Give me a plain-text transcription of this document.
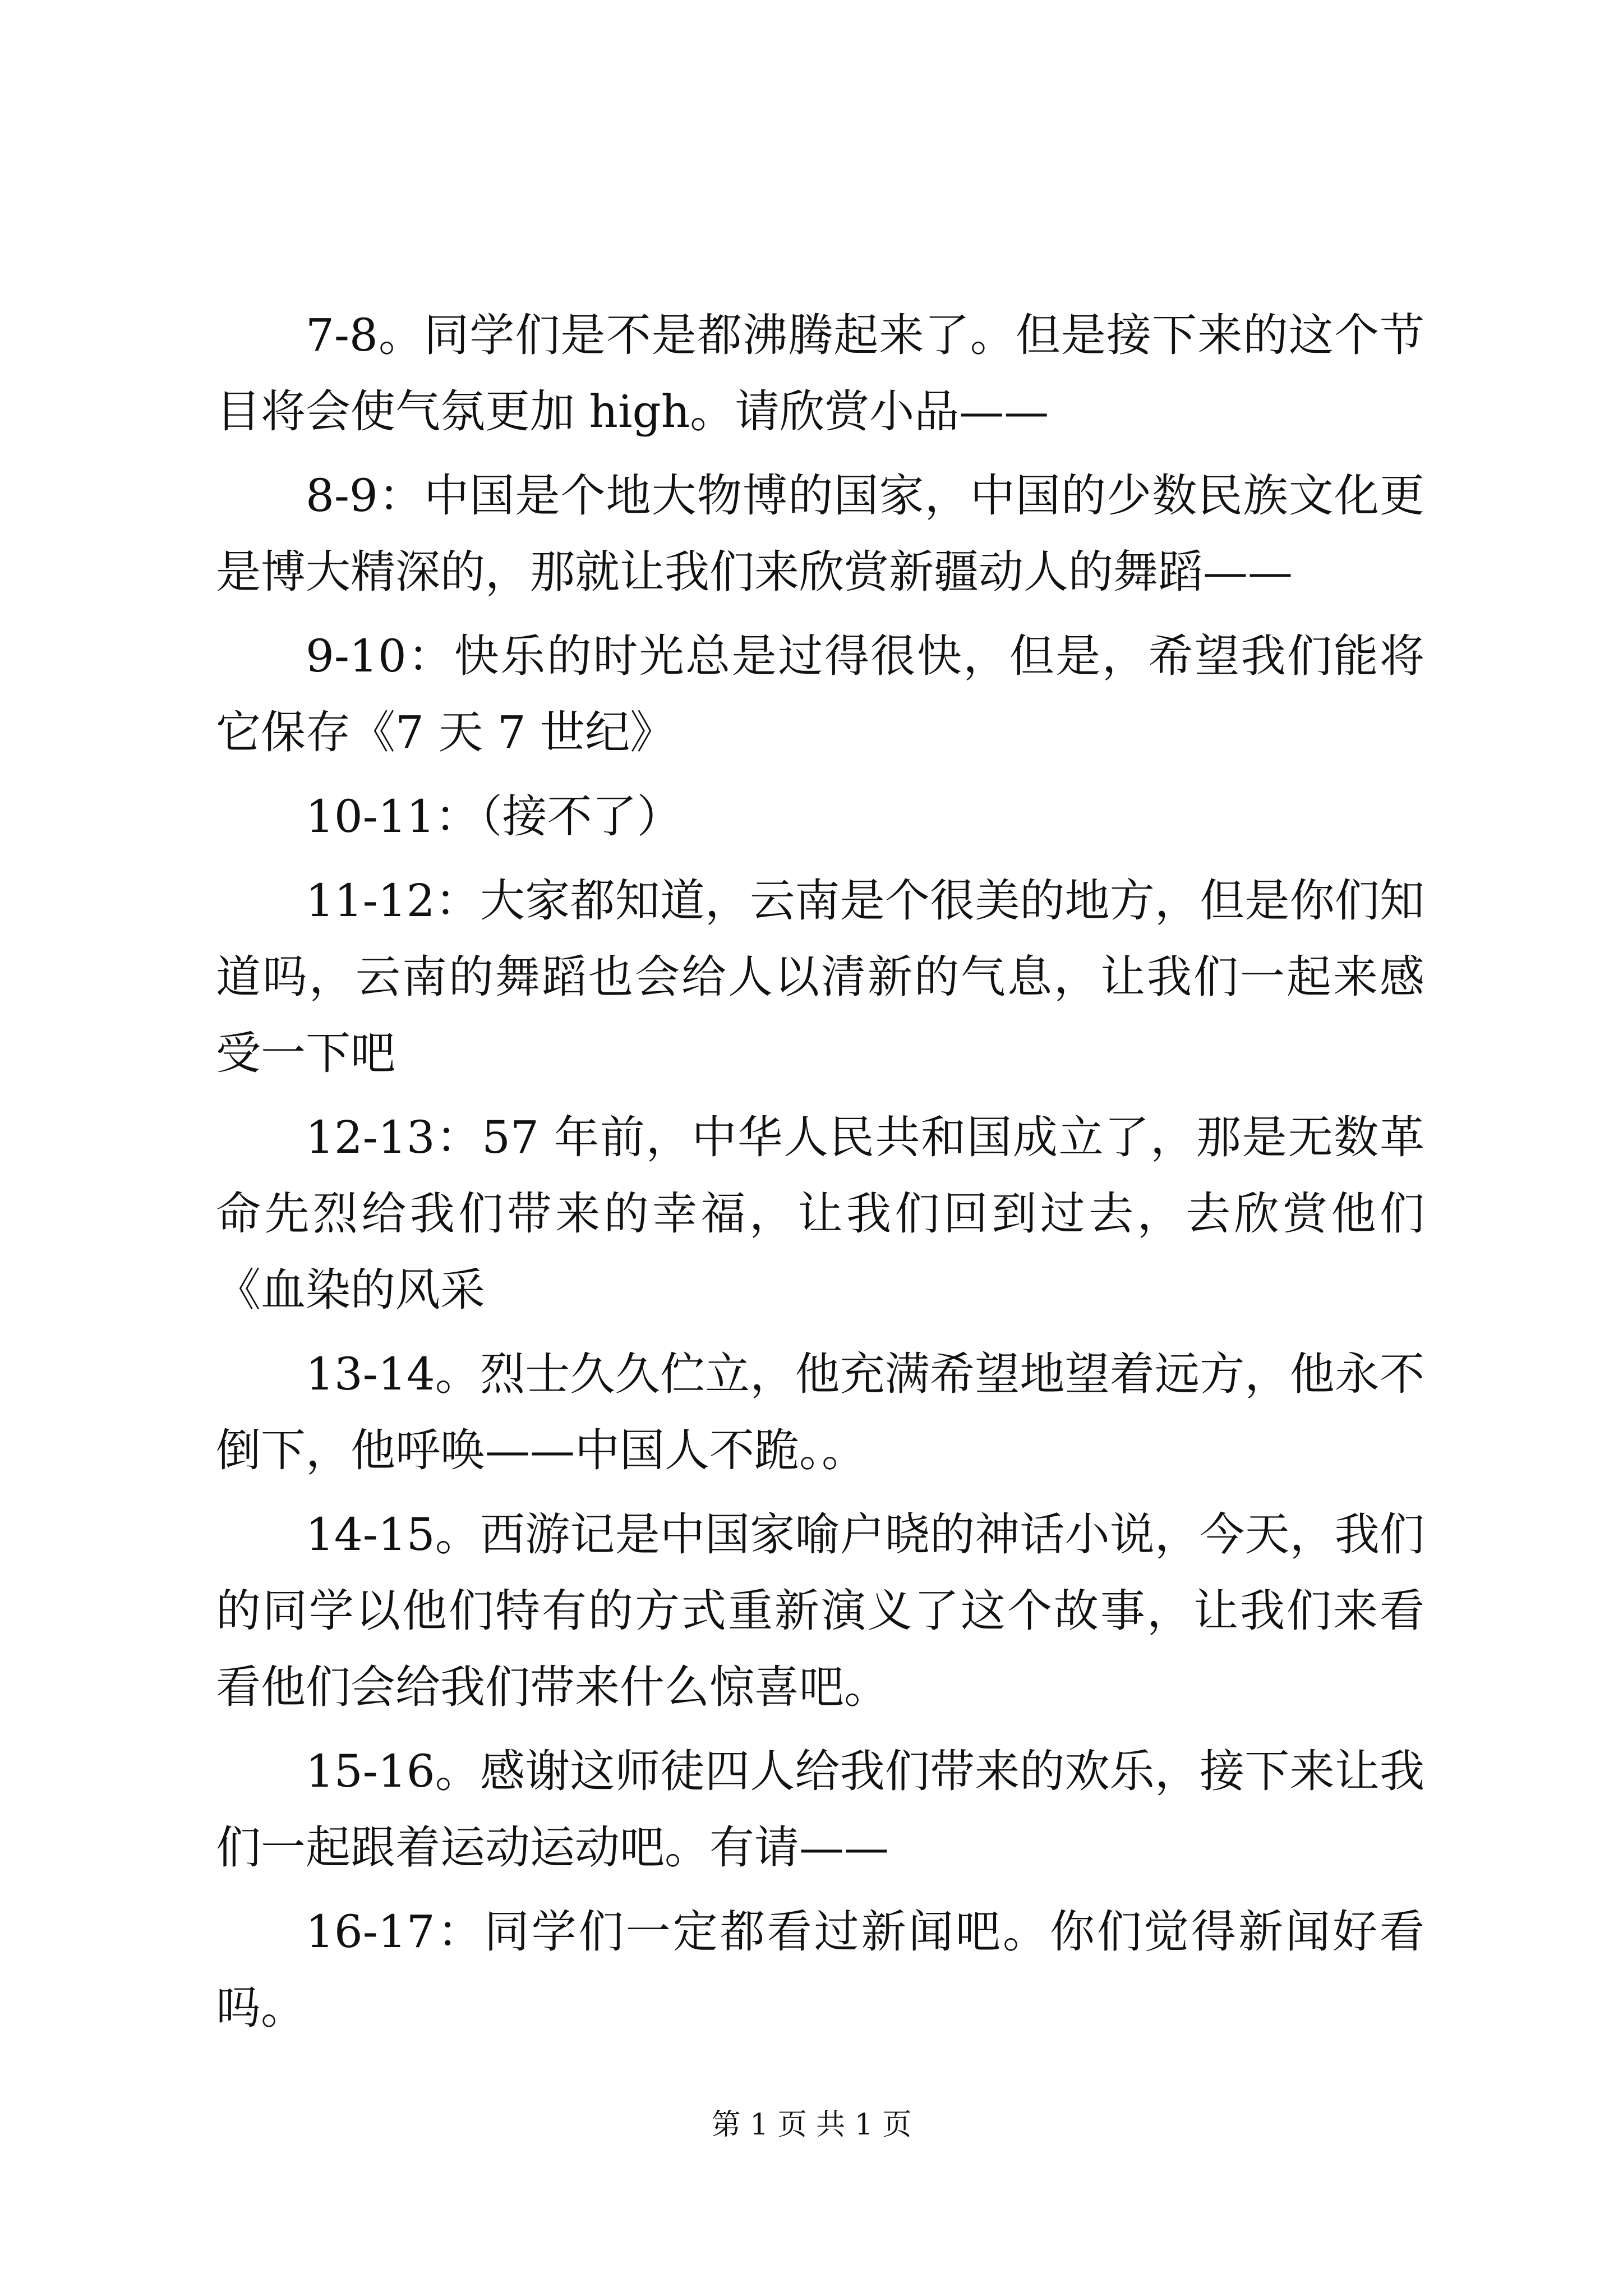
7-8。同学们是不是都沸腾起来了。但是接下来的这个节目将会使气氛更加 high。请欣赏小品——

8-9：中国是个地大物博的国家，中国的少数民族文化更是博大精深的，那就让我们来欣赏新疆动人的舞蹈——

9-10：快乐的时光总是过得很快，但是，希望我们能将它保存《7 天 7 世纪》

10-11：（接不了）

11-12：大家都知道，云南是个很美的地方，但是你们知道吗，云南的舞蹈也会给人以清新的气息，让我们一起来感受一下吧

12-13：57 年前，中华人民共和国成立了，那是无数革命先烈给我们带来的幸福，让我们回到过去，去欣赏他们《血染的风采

13-14。烈士久久伫立，他充满希望地望着远方，他永不倒下，他呼唤——中国人不跪。。

14-15。西游记是中国家喻户晓的神话小说，今天，我们的同学以他们特有的方式重新演义了这个故事，让我们来看看他们会给我们带来什么惊喜吧。

15-16。感谢这师徒四人给我们带来的欢乐，接下来让我们一起跟着运动运动吧。有请——

16-17：同学们一定都看过新闻吧。你们觉得新闻好看吗。

第 1 页 共 1 页
